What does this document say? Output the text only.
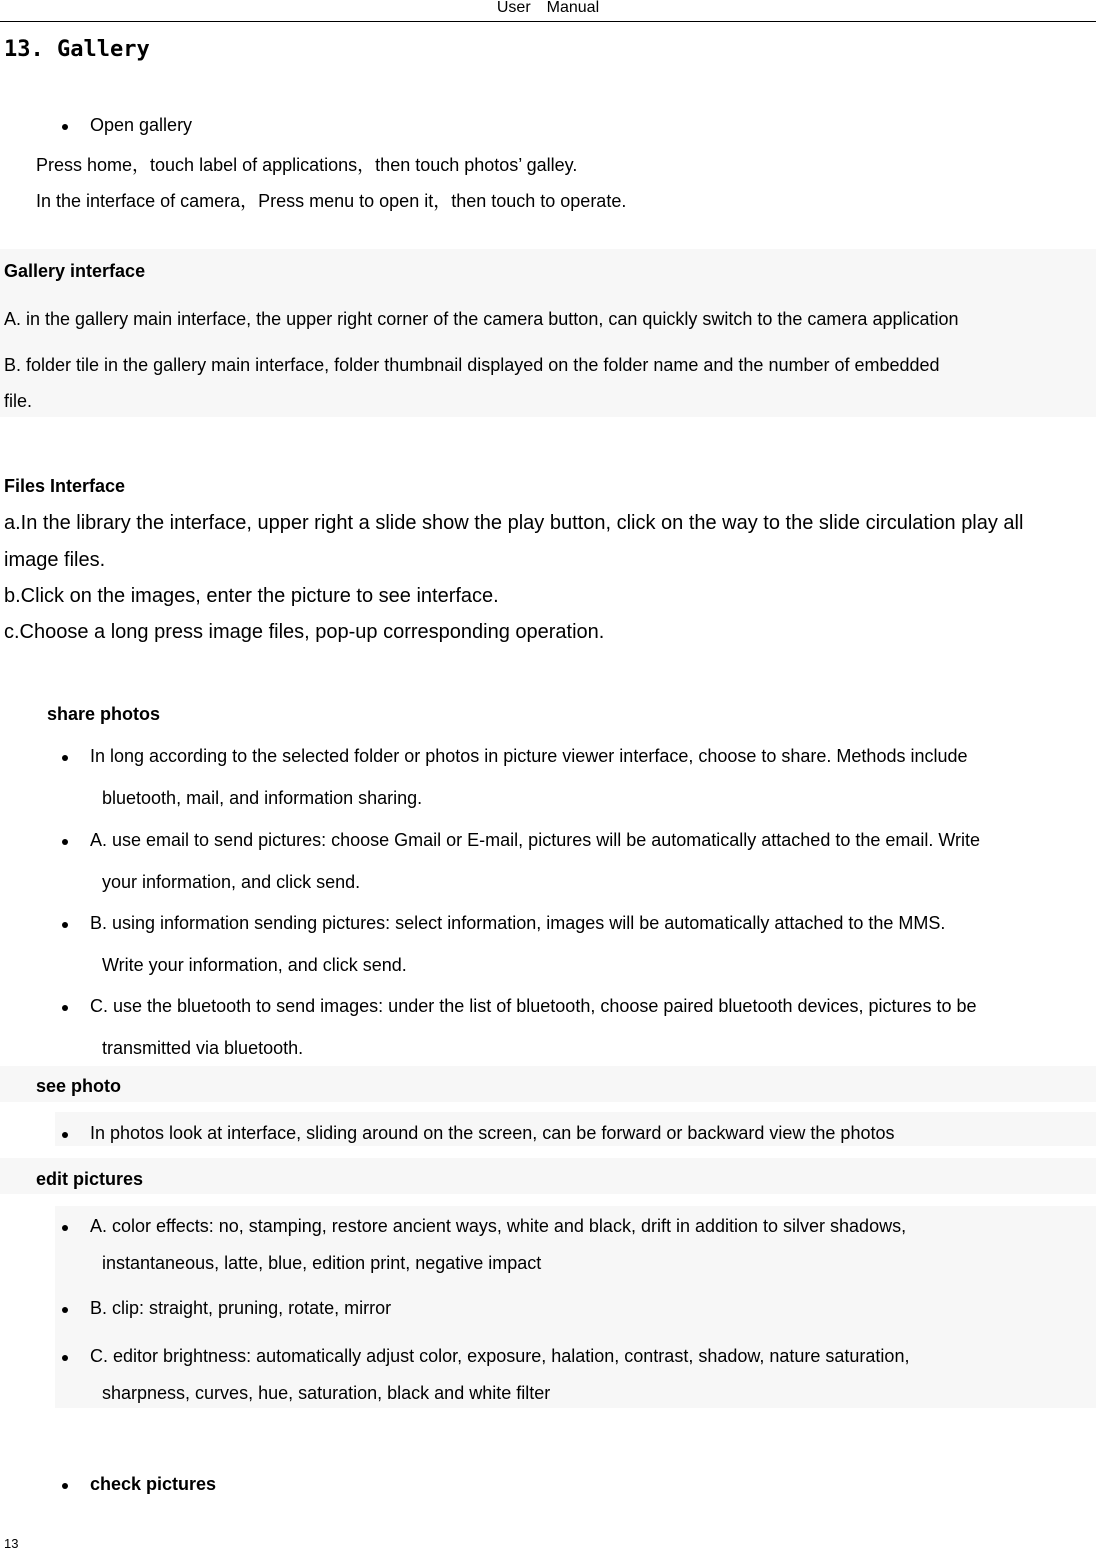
User Manual
13. Gallery
Open gallery
Press home，touch label of applications，then touch photos’ galley.
In the interface of camera，Press menu to open it，then touch to operate.
Gallery interface
A. in the gallery main interface, the upper right corner of the camera button, can quickly switch to the camera application
B. folder tile in the gallery main interface, folder thumbnail displayed on the folder name and the number of embedded
file.
Files Interface
a.In the library the interface, upper right a slide show the play button, click on the way to the slide circulation play all
image files.
b.Click on the images, enter the picture to see interface.
c.Choose a long press image files, pop-up corresponding operation.
share photos
In long according to the selected folder or photos in picture viewer interface, choose to share. Methods include
bluetooth, mail, and information sharing.
A. use email to send pictures: choose Gmail or E-mail, pictures will be automatically attached to the email. Write
your information, and click send.
B. using information sending pictures: select information, images will be automatically attached to the MMS.
Write your information, and click send.
C. use the bluetooth to send images: under the list of bluetooth, choose paired bluetooth devices, pictures to be
transmitted via bluetooth.
see photo
In photos look at interface, sliding around on the screen, can be forward or backward view the photos
edit pictures
A. color effects: no, stamping, restore ancient ways, white and black, drift in addition to silver shadows,
instantaneous, latte, blue, edition print, negative impact
B. clip: straight, pruning, rotate, mirror
C. editor brightness: automatically adjust color, exposure, halation, contrast, shadow, nature saturation,
sharpness, curves, hue, saturation, black and white filter
check pictures
13
